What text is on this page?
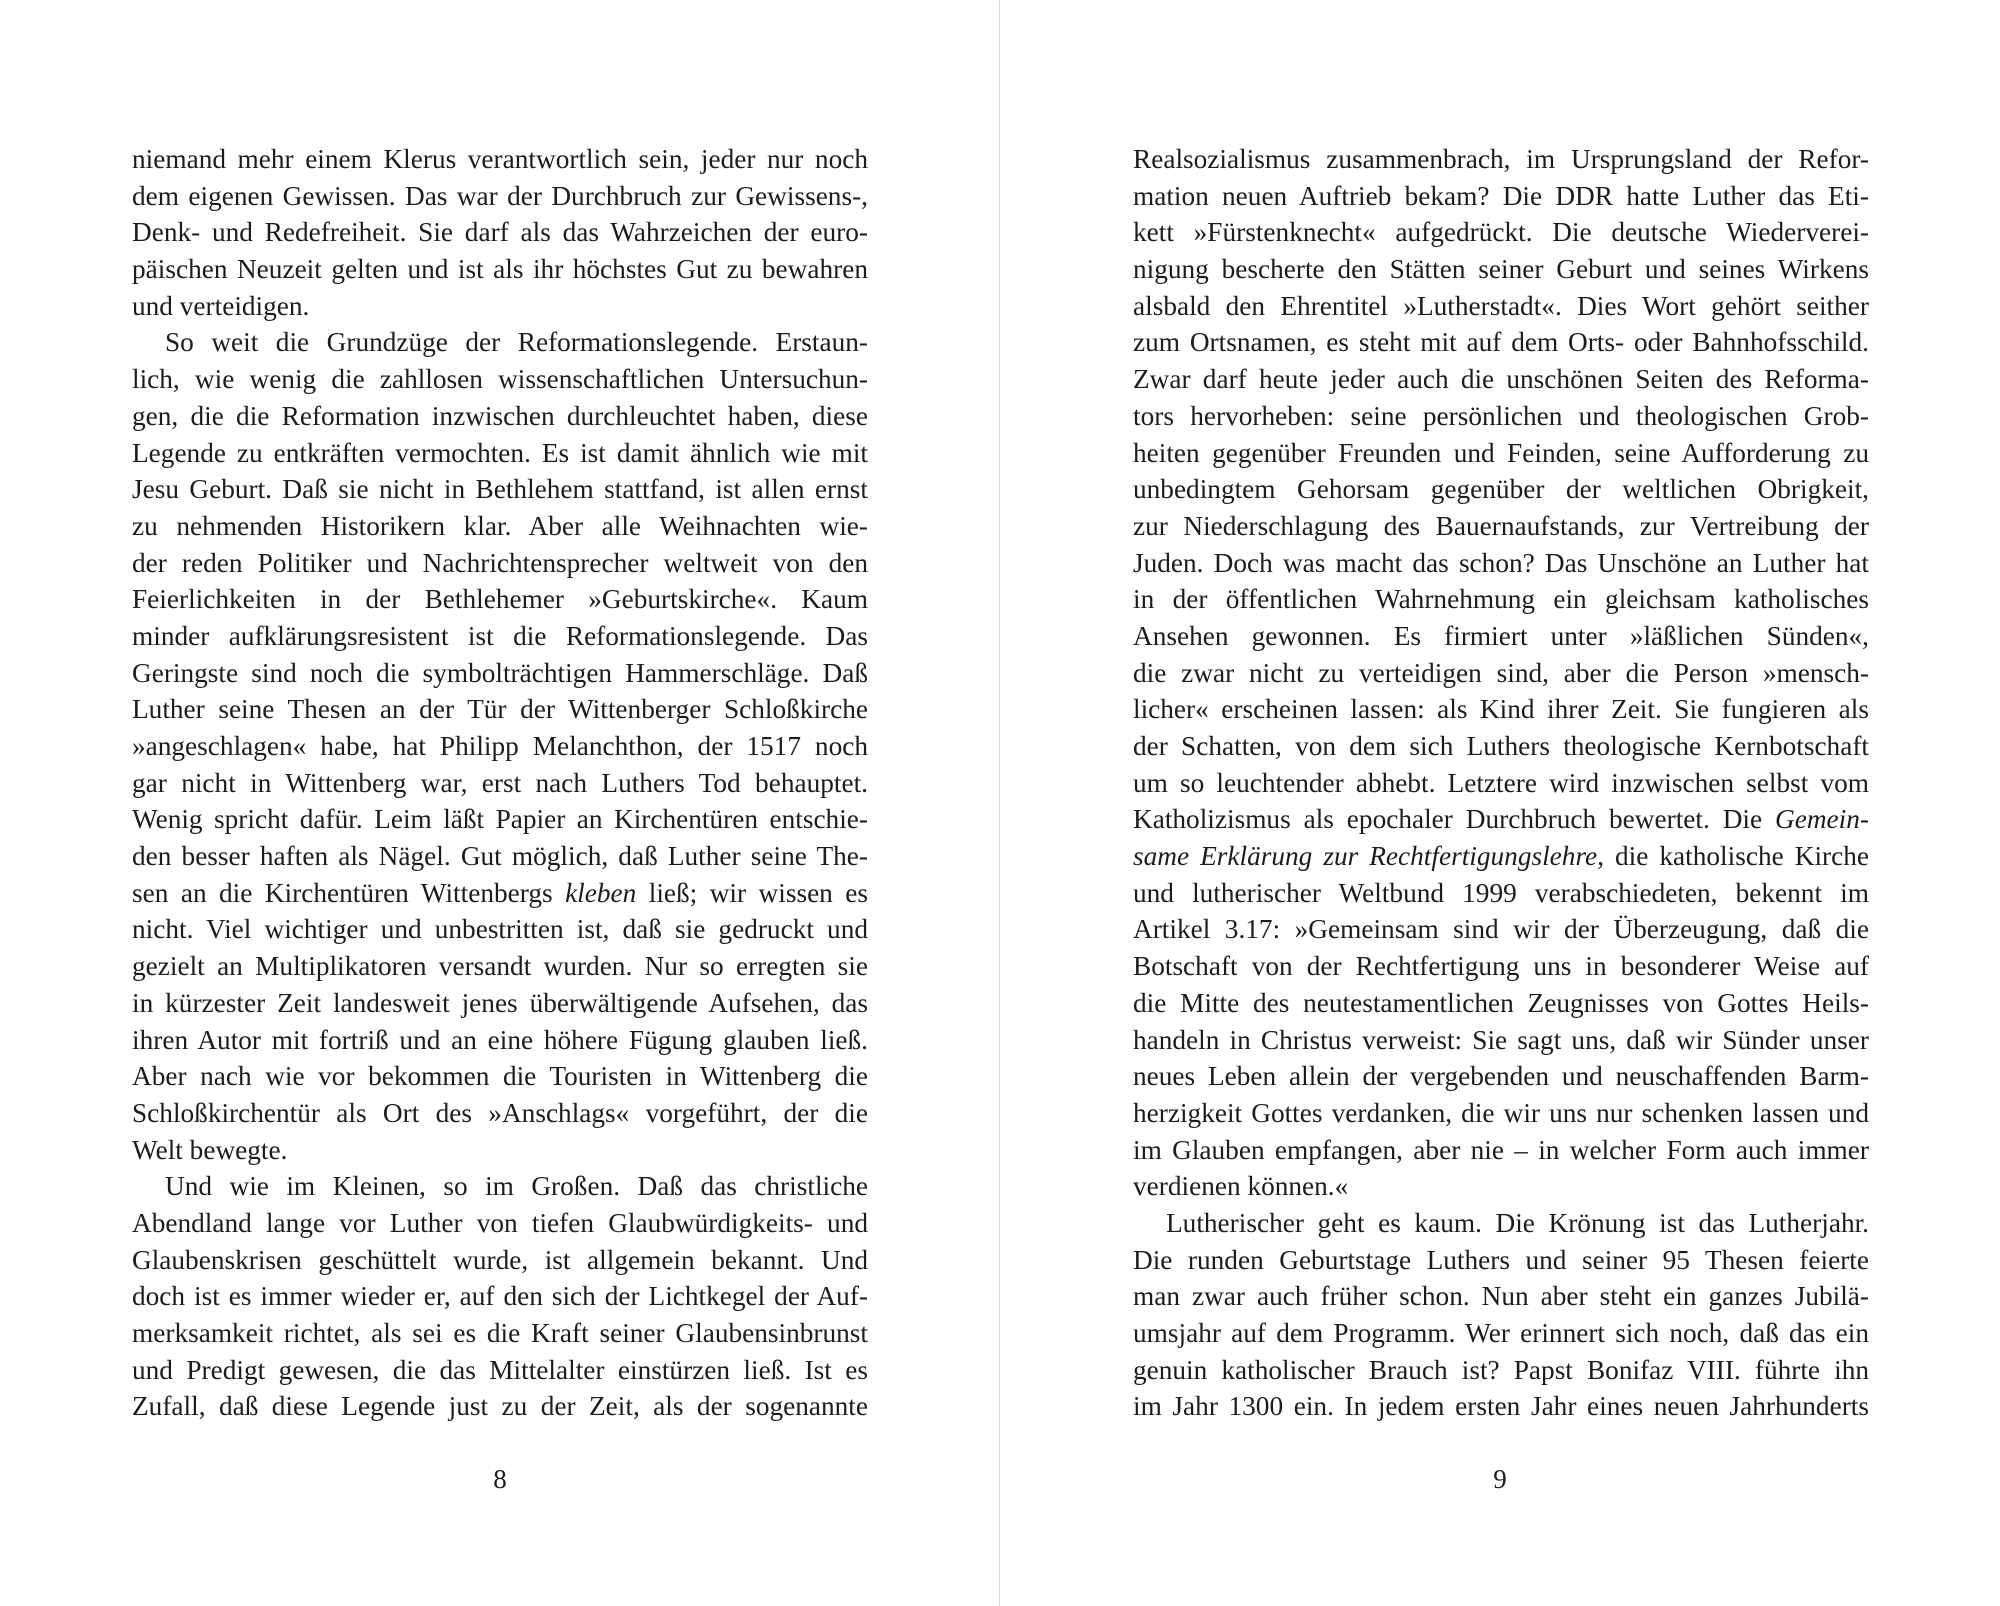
niemand mehr einem Klerus verantwortlich sein, jeder nur noch
dem eigenen Gewissen. Das war der Durchbruch zur Gewissens-,
Denk- und Redefreiheit. Sie darf als das Wahrzeichen der euro-
päischen Neuzeit gelten und ist als ihr höchstes Gut zu bewahren
und verteidigen.
So weit die Grundzüge der Reformationslegende. Erstaun-
lich, wie wenig die zahllosen wissenschaftlichen Untersuchun-
gen, die die Reformation inzwischen durchleuchtet haben, diese
Legende zu entkräften vermochten. Es ist damit ähnlich wie mit
Jesu Geburt. Daß sie nicht in Bethlehem stattfand, ist allen ernst
zu nehmenden Historikern klar. Aber alle Weihnachten wie-
der reden Politiker und Nachrichtensprecher weltweit von den
Feierlichkeiten in der Bethlehemer »Geburtskirche«. Kaum
minder aufklärungsresistent ist die Reformationslegende. Das
Geringste sind noch die symbolträchtigen Hammerschläge. Daß
Luther seine Thesen an der Tür der Wittenberger Schloßkirche
»angeschlagen« habe, hat Philipp Melanchthon, der 1517 noch
gar nicht in Wittenberg war, erst nach Luthers Tod behauptet.
Wenig spricht dafür. Leim läßt Papier an Kirchentüren entschie-
den besser haften als Nägel. Gut möglich, daß Luther seine The-
sen an die Kirchentüren Wittenbergs kleben ließ; wir wissen es
nicht. Viel wichtiger und unbestritten ist, daß sie gedruckt und
gezielt an Multiplikatoren versandt wurden. Nur so erregten sie
in kürzester Zeit landesweit jenes überwältigende Aufsehen, das
ihren Autor mit fortriß und an eine höhere Fügung glauben ließ.
Aber nach wie vor bekommen die Touristen in Wittenberg die
Schloßkirchentür als Ort des »Anschlags« vorgeführt, der die
Welt bewegte.
Und wie im Kleinen, so im Großen. Daß das christliche
Abendland lange vor Luther von tiefen Glaubwürdigkeits- und
Glaubenskrisen geschüttelt wurde, ist allgemein bekannt. Und
doch ist es immer wieder er, auf den sich der Lichtkegel der Auf-
merksamkeit richtet, als sei es die Kraft seiner Glaubensinbrunst
und Predigt gewesen, die das Mittelalter einstürzen ließ. Ist es
Zufall, daß diese Legende just zu der Zeit, als der sogenannte
8
Realsozialismus zusammenbrach, im Ursprungsland der Refor-
mation neuen Auftrieb bekam? Die DDR hatte Luther das Eti-
kett »Fürstenknecht« aufgedrückt. Die deutsche Wiederverei-
nigung bescherte den Stätten seiner Geburt und seines Wirkens
alsbald den Ehrentitel »Lutherstadt«. Dies Wort gehört seither
zum Ortsnamen, es steht mit auf dem Orts- oder Bahnhofsschild.
Zwar darf heute jeder auch die unschönen Seiten des Reforma-
tors hervorheben: seine persönlichen und theologischen Grob-
heiten gegenüber Freunden und Feinden, seine Aufforderung zu
unbedingtem Gehorsam gegenüber der weltlichen Obrigkeit,
zur Niederschlagung des Bauernaufstands, zur Vertreibung der
Juden. Doch was macht das schon? Das Unschöne an Luther hat
in der öffentlichen Wahrnehmung ein gleichsam katholisches
Ansehen gewonnen. Es firmiert unter »läßlichen Sünden«,
die zwar nicht zu verteidigen sind, aber die Person »mensch-
licher« erscheinen lassen: als Kind ihrer Zeit. Sie fungieren als
der Schatten, von dem sich Luthers theologische Kernbotschaft
um so leuchtender abhebt. Letztere wird inzwischen selbst vom
Katholizismus als epochaler Durchbruch bewertet. Die Gemein-
same Erklärung zur Rechtfertigungslehre, die katholische Kirche
und lutherischer Weltbund 1999 verabschiedeten, bekennt im
Artikel 3.17: »Gemeinsam sind wir der Überzeugung, daß die
Botschaft von der Rechtfertigung uns in besonderer Weise auf
die Mitte des neutestamentlichen Zeugnisses von Gottes Heils-
handeln in Christus verweist: Sie sagt uns, daß wir Sünder unser
neues Leben allein der vergebenden und neuschaffenden Barm-
herzigkeit Gottes verdanken, die wir uns nur schenken lassen und
im Glauben empfangen, aber nie – in welcher Form auch immer
verdienen können.«
Lutherischer geht es kaum. Die Krönung ist das Lutherjahr.
Die runden Geburtstage Luthers und seiner 95 Thesen feierte
man zwar auch früher schon. Nun aber steht ein ganzes Jubilä-
umsjahr auf dem Programm. Wer erinnert sich noch, daß das ein
genuin katholischer Brauch ist? Papst Bonifaz VIII. führte ihn
im Jahr 1300 ein. In jedem ersten Jahr eines neuen Jahrhunderts
9
